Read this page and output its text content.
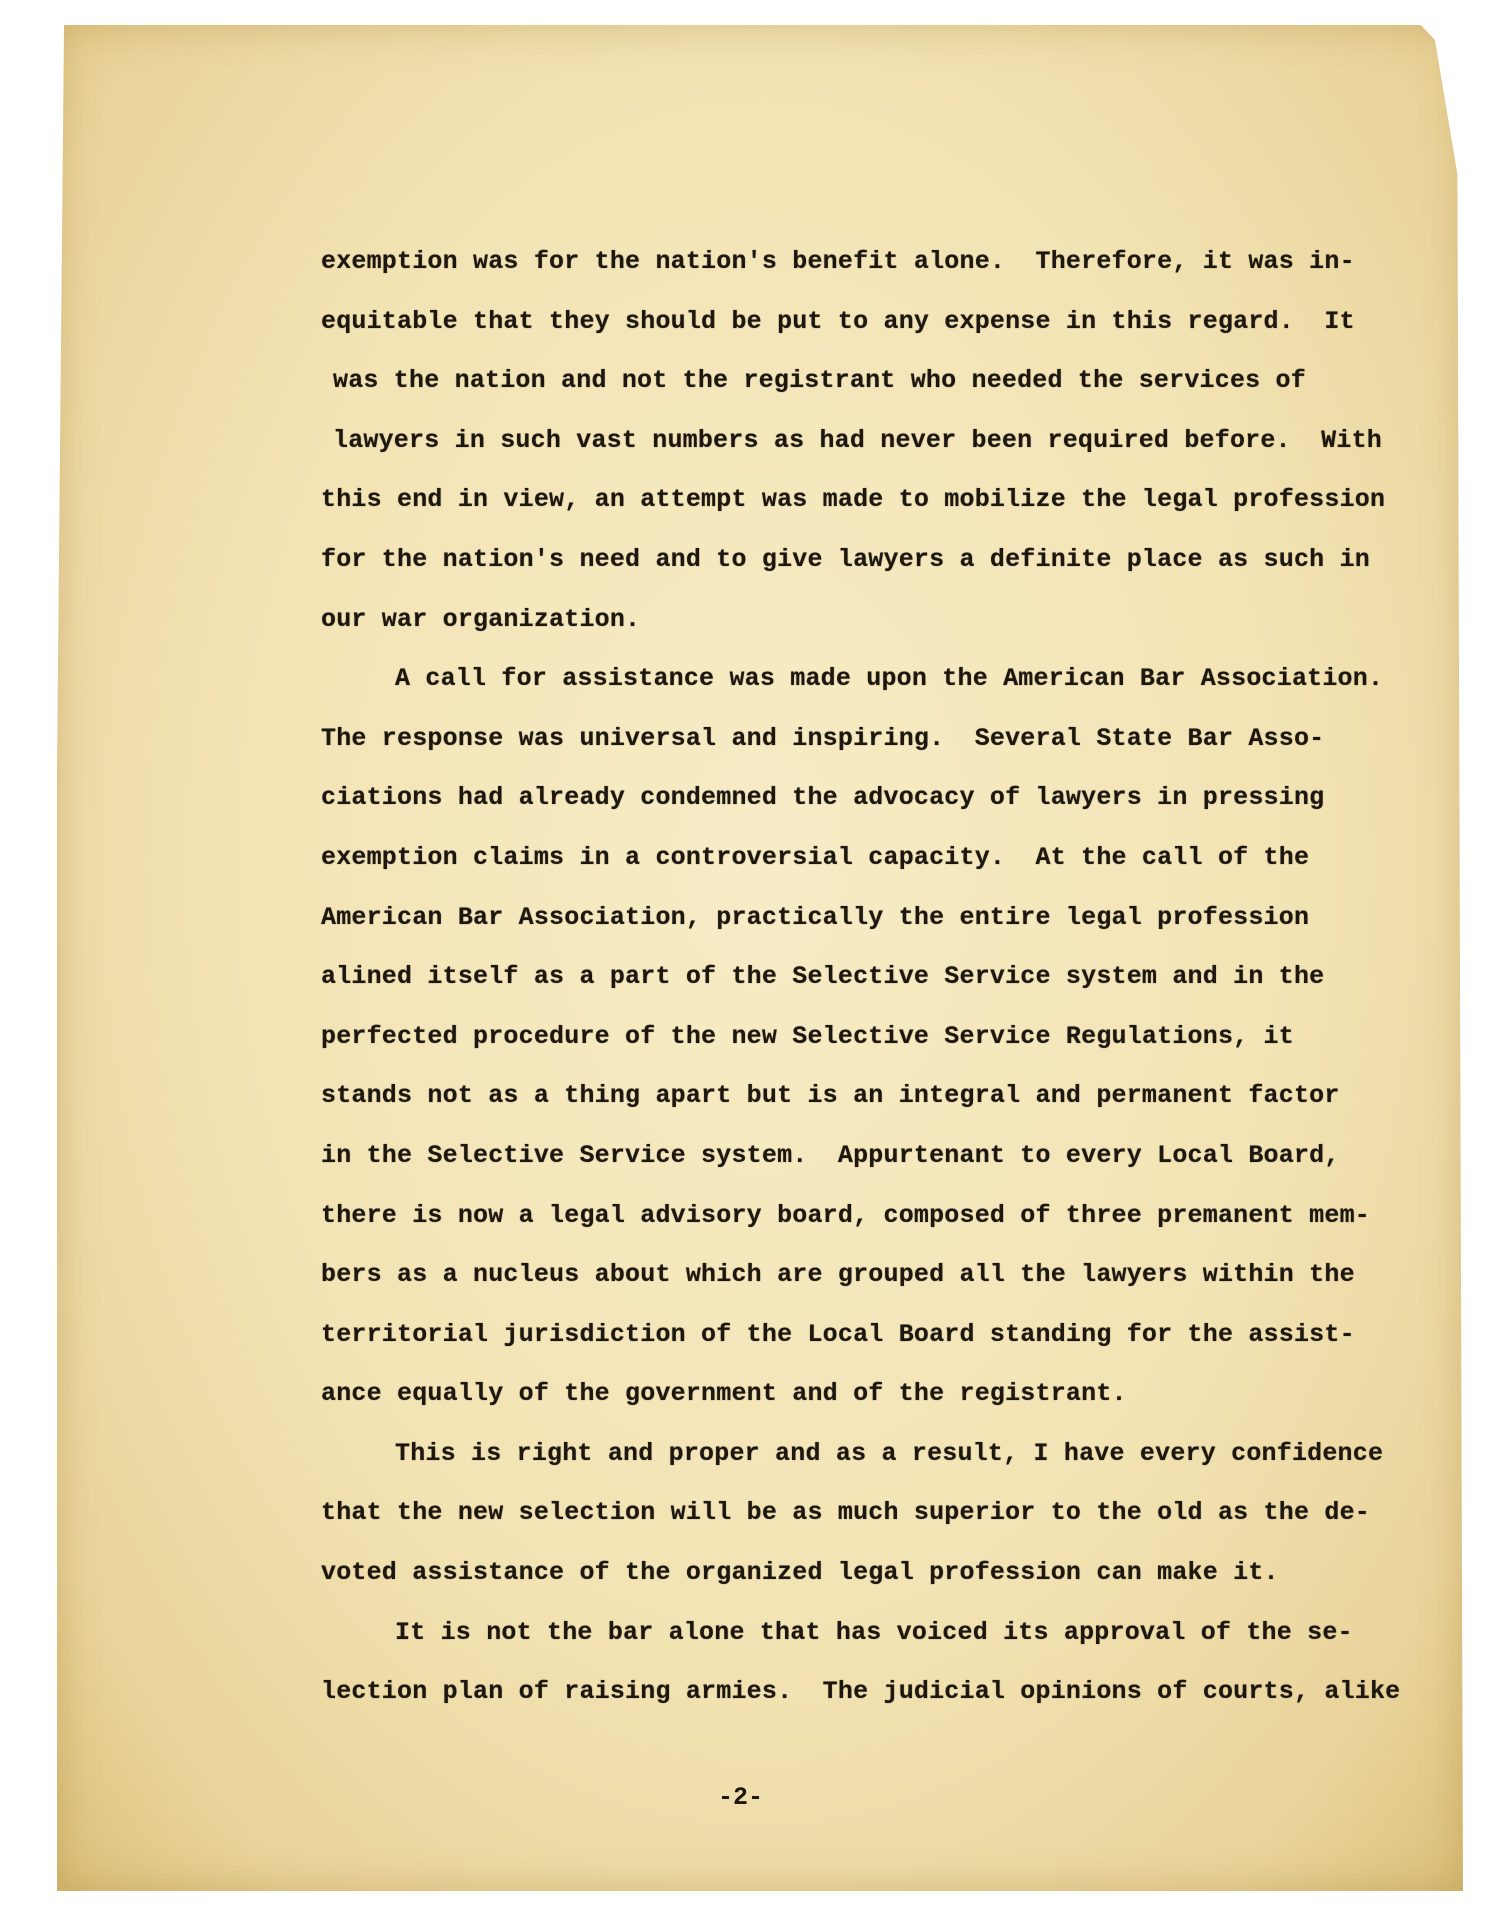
exemption was for the nation's benefit alone.  Therefore, it was in-
equitable that they should be put to any expense in this regard.  It
was the nation and not the registrant who needed the services of
lawyers in such vast numbers as had never been required before.  With
this end in view, an attempt was made to mobilize the legal profession
for the nation's need and to give lawyers a definite place as such in
our war organization.
A call for assistance was made upon the American Bar Association.
The response was universal and inspiring.  Several State Bar Asso-
ciations had already condemned the advocacy of lawyers in pressing
exemption claims in a controversial capacity.  At the call of the
American Bar Association, practically the entire legal profession
alined itself as a part of the Selective Service system and in the
perfected procedure of the new Selective Service Regulations, it
stands not as a thing apart but is an integral and permanent factor
in the Selective Service system.  Appurtenant to every Local Board,
there is now a legal advisory board, composed of three premanent mem-
bers as a nucleus about which are grouped all the lawyers within the
territorial jurisdiction of the Local Board standing for the assist-
ance equally of the government and of the registrant.
This is right and proper and as a result, I have every confidence
that the new selection will be as much superior to the old as the de-
voted assistance of the organized legal profession can make it.
It is not the bar alone that has voiced its approval of the se-
lection plan of raising armies.  The judicial opinions of courts, alike
-2-
